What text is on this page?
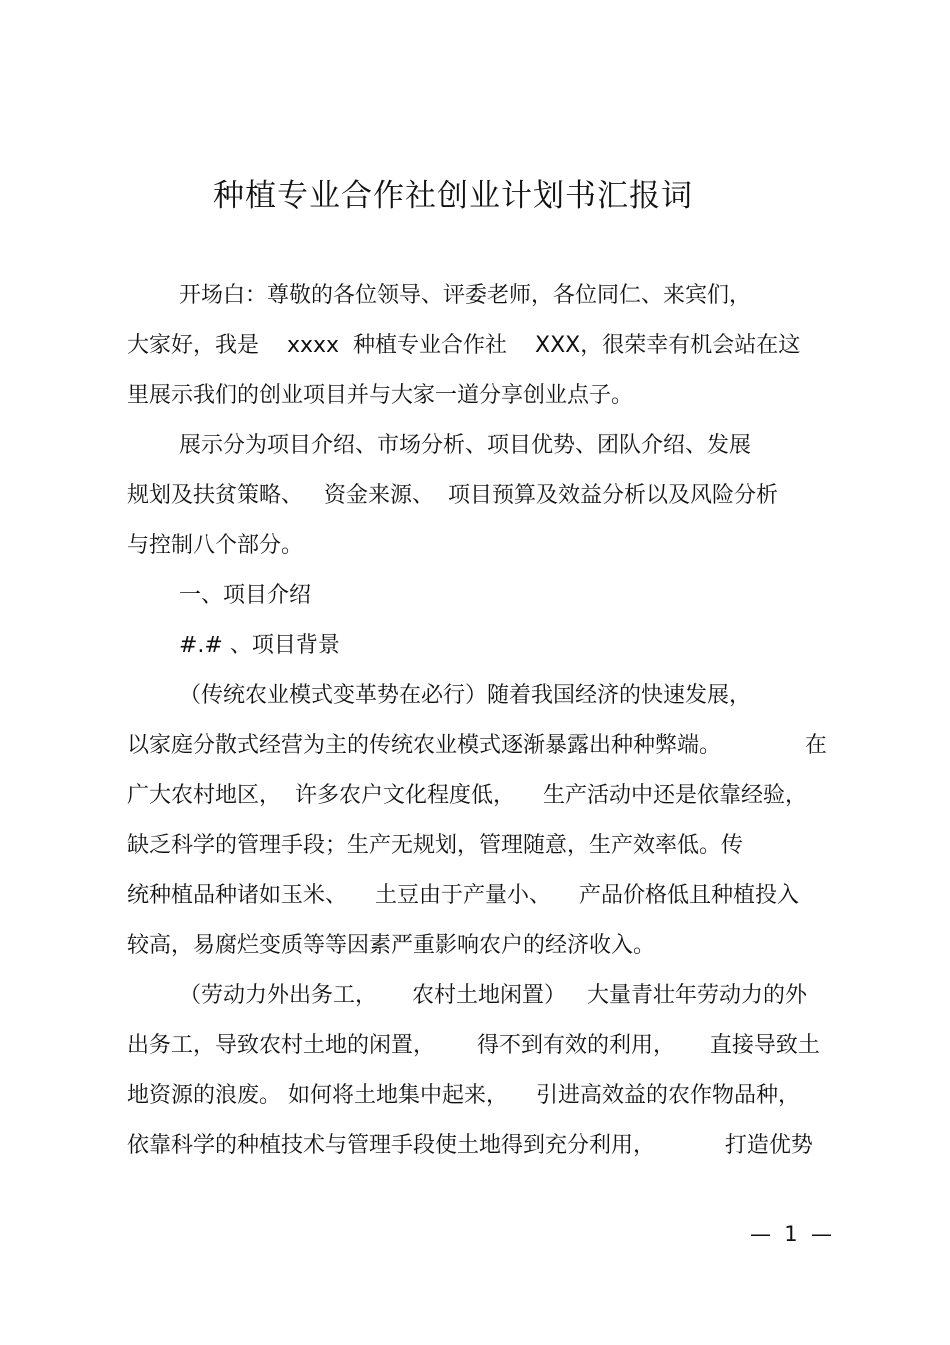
种植专业合作社创业计划书汇报词
开场白：尊敬的各位领导、评委老师，各位同仁、来宾们，
大家好，我是    xxxx  种植专业合作社    XXX，很荣幸有机会站在这
里展示我们的创业项目并与大家一道分享创业点子。
展示分为项目介绍、市场分析、项目优势、团队介绍、发展
规划及扶贫策略、   资金来源、  项目预算及效益分析以及风险分析
与控制八个部分。
一、项目介绍
#.# 、项目背景
（传统农业模式变革势在必行）随着我国经济的快速发展，
以家庭分散式经营为主的传统农业模式逐渐暴露出种种弊端。            在
广大农村地区，  许多农户文化程度低，    生产活动中还是依靠经验，
缺乏科学的管理手段；生产无规划，管理随意，生产效率低。传
统种植品种诸如玉米、    土豆由于产量小、    产品价格低且种植投入
较高，易腐烂变质等等因素严重影响农户的经济收入。
（劳动力外出务工，     农村土地闲置）   大量青壮年劳动力的外
出务工，导致农村土地的闲置，      得不到有效的利用，     直接导致土
地资源的浪废。 如何将土地集中起来，    引进高效益的农作物品种，
依靠科学的种植技术与管理手段使土地得到充分利用，          打造优势
—  1  —
